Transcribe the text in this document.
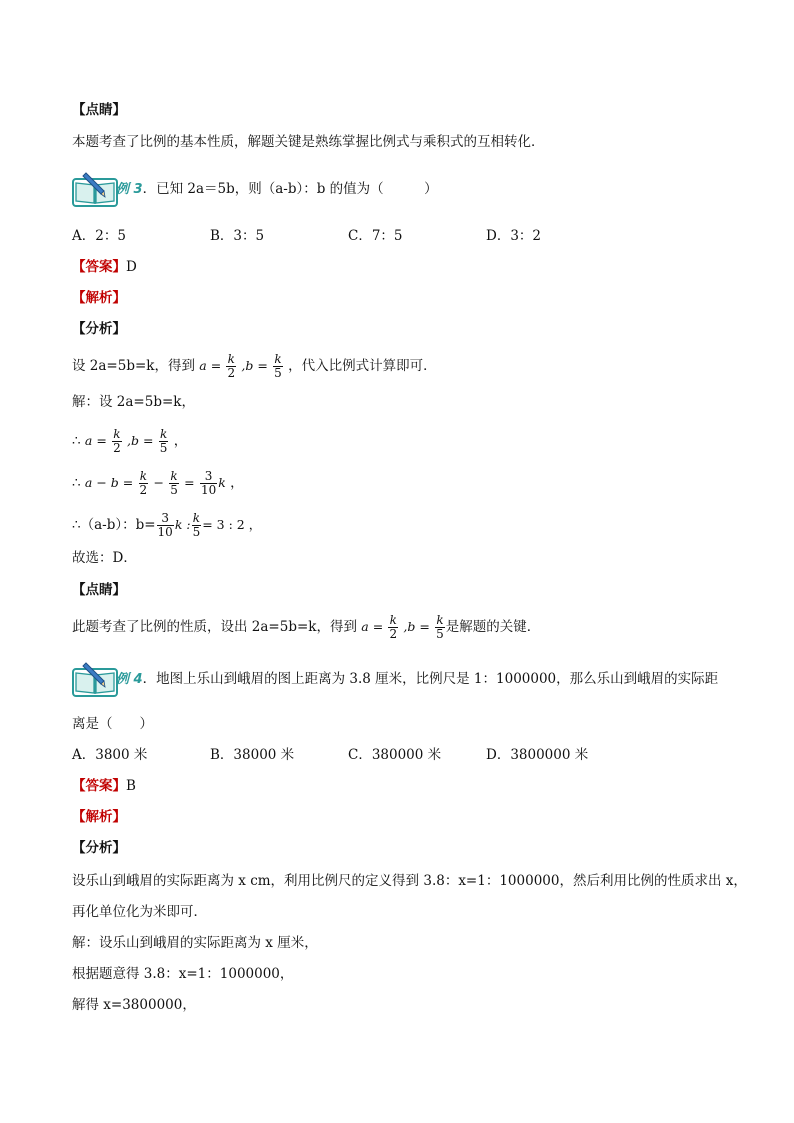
【点睛】
本题考查了比例的基本性质，解题关键是熟练掌握比例式与乘积式的互相转化．
例 3．已知 2a＝5b，则（a-b）：b 的值为（　　　）
A．2：5	B．3：5	C．7：5	D．3：2
【答案】D
【解析】
【分析】
设 2a=5b=k，得到 $a = \frac{k}{2} ,b = \frac{k}{5}$ ，代入比例式计算即可．
解：设 2a=5b=k，
∴ $a = \frac{k}{2} ,b = \frac{k}{5}$ ，
∴ $a - b = \frac{k}{2} - \frac{k}{5} = \frac{3}{10}$ k ，
∴（a-b）：$b= \frac{3}{10}$ k : $\frac{k}{5} = 3$ : 2 ，
故选：D．
【点睛】
此题考查了比例的性质，设出 2a=5b=k，得到 $a = \frac{k}{2} ,b = \frac{k}{5}$ 是解题的关键．
例 4．地图上乐山到峨眉的图上距离为 3.8 厘米，比例尺是 1：1000000，那么乐山到峨眉的实际距
离是（　　）
A．3800 米	B．38000 米	C．380000 米	D．3800000 米
【答案】B
【解析】
【分析】
设乐山到峨眉的实际距离为 x cm，利用比例尺的定义得到 3.8：x=1：1000000，然后利用比例的性质求出 x，
再化单位化为米即可．
解：设乐山到峨眉的实际距离为 x 厘米，
根据题意得 3.8：x=1：1000000，
解得 x=3800000，
